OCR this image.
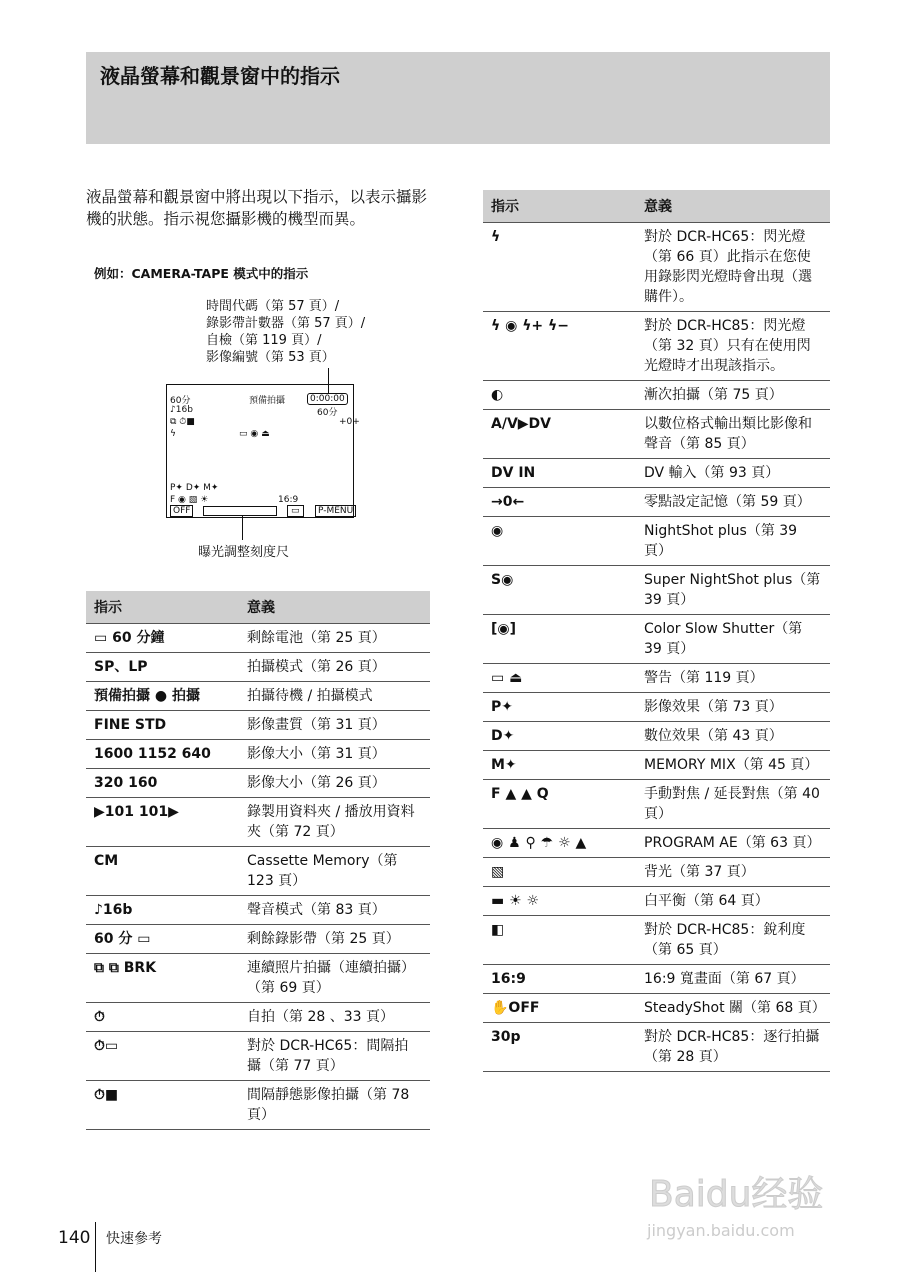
液晶螢幕和觀景窗中的指示
液晶螢幕和觀景窗中將出現以下指示，以表示攝影機的狀態。指示視您攝影機的機型而異。
例如：CAMERA-TAPE 模式中的指示
時間代碼（第 57 頁）/
錄影帶計數器（第 57 頁）/
自檢（第 119 頁）/
影像編號（第 53 頁）
60分	預備拍攝	0:00:00
60分
♪16b
+0+
⧉ ⏱■
ϟ	▭ ◉ ⏏
P✦ D✦ M✦
F ◉ ▧ ☀	16:9
OFF	▭	P-MENU
曝光調整刻度尺
指示	意義
▭ 60 分鐘	剩餘電池（第 25 頁）
SP、LP	拍攝模式（第 26 頁）
預備拍攝 ● 拍攝	拍攝待機 / 拍攝模式
FINE STD	影像畫質（第 31 頁）
1600 1152 640	影像大小（第 31 頁）
320 160	影像大小（第 26 頁）
▶101 101▶	錄製用資料夾 / 播放用資料夾（第 72 頁）
CM	Cassette Memory（第 123 頁）
♪16b	聲音模式（第 83 頁）
60 分 ▭	剩餘錄影帶（第 25 頁）
⧉ ⧉ BRK	連續照片拍攝（連續拍攝）（第 69 頁）
⏱	自拍（第 28 、33 頁）
⏱▭	對於 DCR-HC65：間隔拍攝（第 77 頁）
⏱■	間隔靜態影像拍攝（第 78 頁）
指示	意義
ϟ	對於 DCR-HC65：閃光燈（第 66 頁）此指示在您使用錄影閃光燈時會出現（選購件）。
ϟ ◉ ϟ+ ϟ−	對於 DCR-HC85：閃光燈（第 32 頁）只有在使用閃光燈時才出現該指示。
◐	漸次拍攝（第 75 頁）
A/V▶DV	以數位格式輸出類比影像和聲音（第 85 頁）
DV IN	DV 輸入（第 93 頁）
→0←	零點設定記憶（第 59 頁）
◉	NightShot plus（第 39 頁）
S◉	Super NightShot plus（第 39 頁）
[◉]	Color Slow Shutter（第 39 頁）
▭ ⏏	警告（第 119 頁）
P✦	影像效果（第 73 頁）
D✦	數位效果（第 43 頁）
M✦	MEMORY MIX（第 45 頁）
F ▲ ▲ Q	手動對焦 / 延長對焦（第 40 頁）
◉ ♟ ⚲ ☂ ☼ ▲	PROGRAM AE（第 63 頁）
▧	背光（第 37 頁）
▬ ☀ ☼	白平衡（第 64 頁）
◧	對於 DCR-HC85：銳利度（第 65 頁）
16:9	16:9 寬畫面（第 67 頁）
✋OFF	SteadyShot 關（第 68 頁）
30p	對於 DCR-HC85：逐行拍攝（第 28 頁）
140 快速參考
Baidu经验
jingyan.baidu.com
